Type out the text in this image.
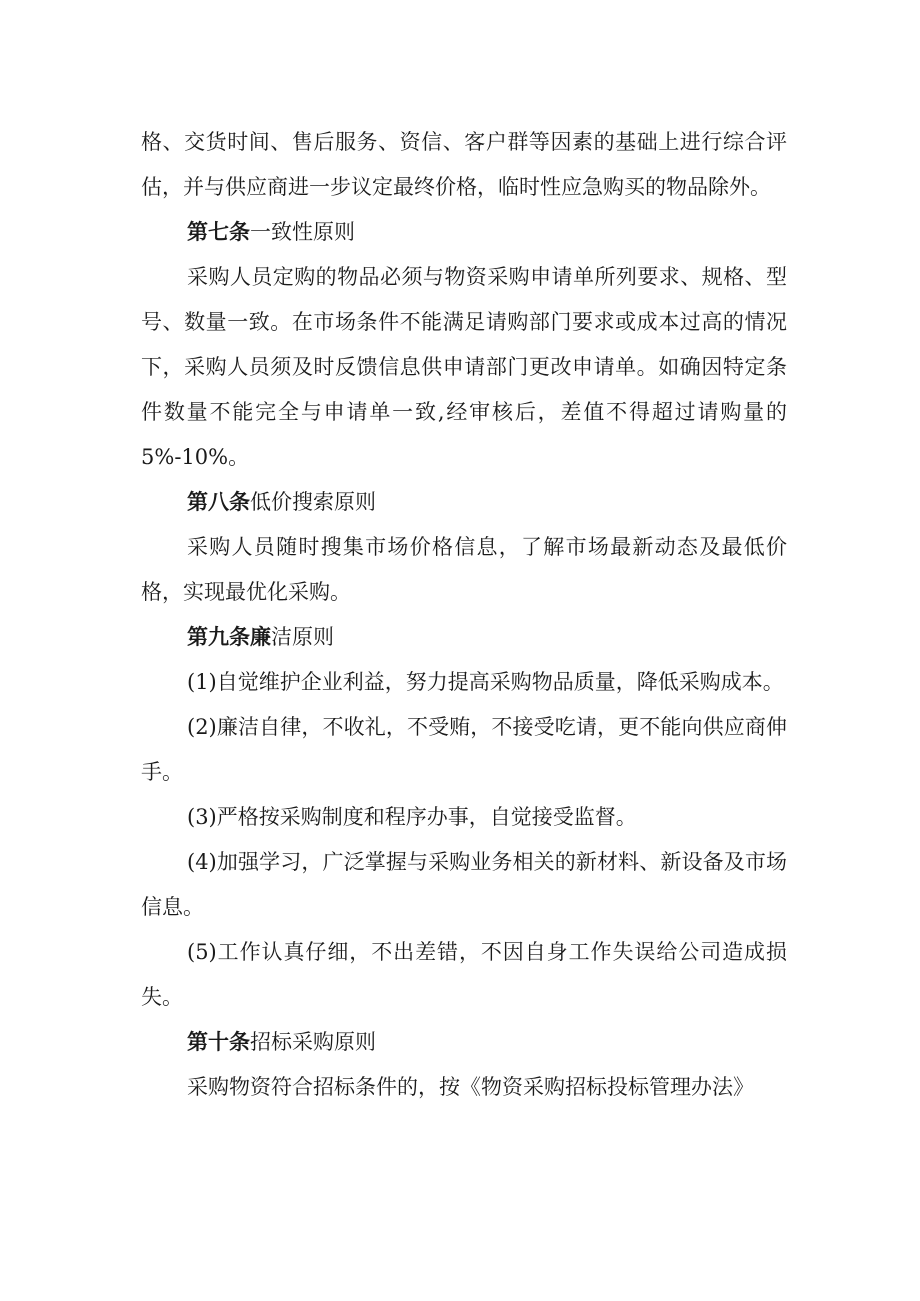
格、交货时间、售后服务、资信、客户群等因素的基础上进行综合评估，并与供应商进一步议定最终价格，临时性应急购买的物品除外。

第七条一致性原则

采购人员定购的物品必须与物资采购申请单所列要求、规格、型号、数量一致。在市场条件不能满足请购部门要求或成本过高的情况下，采购人员须及时反馈信息供申请部门更改申请单。如确因特定条件数量不能完全与申请单一致,经审核后，差值不得超过请购量的5%-10%。

第八条低价搜索原则

采购人员随时搜集市场价格信息，了解市场最新动态及最低价格，实现最优化采购。

第九条廉洁原则

(1)自觉维护企业利益，努力提高采购物品质量，降低采购成本。

(2)廉洁自律，不收礼，不受贿，不接受吃请，更不能向供应商伸手。

(3)严格按采购制度和程序办事，自觉接受监督。

(4)加强学习，广泛掌握与采购业务相关的新材料、新设备及市场信息。

(5)工作认真仔细，不出差错，不因自身工作失误给公司造成损失。

第十条招标采购原则

采购物资符合招标条件的，按《物资采购招标投标管理办法》
